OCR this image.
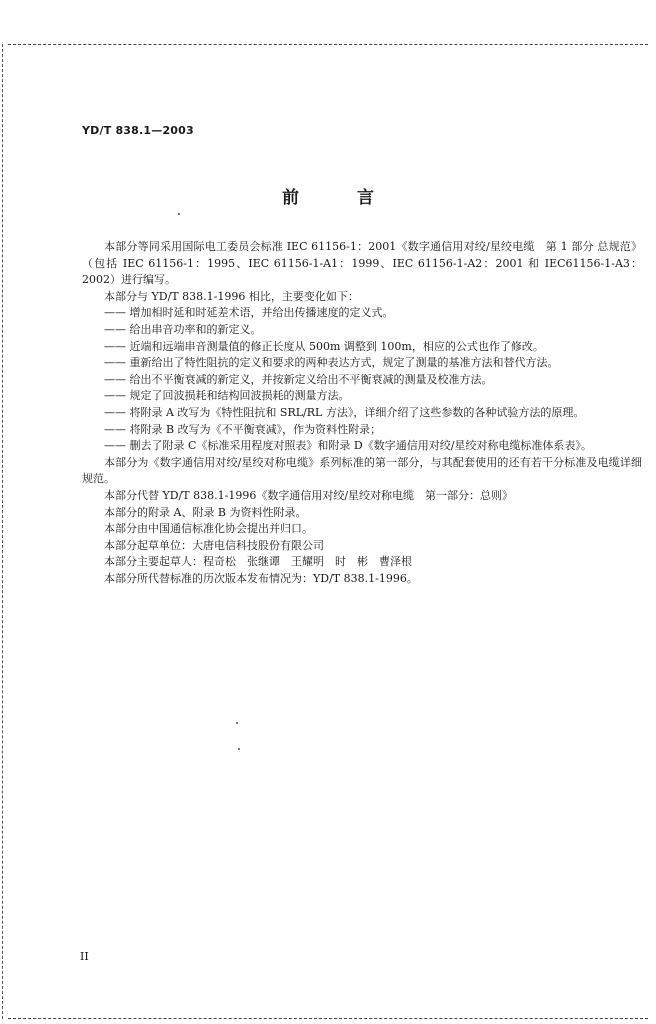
YD/T 838.1—2003
前言

本部分等同采用国际电工委员会标准 IEC 61156-1：2001《数字通信用对绞/星绞电缆　第 1 部分 总规范》（包括 IEC 61156-1：1995、IEC 61156-1-A1：1999、IEC 61156-1-A2：2001 和 IEC61156-1-A3：2002）进行编写。

本部分与 YD/T 838.1-1996 相比，主要变化如下：

—— 增加相时延和时延差术语，并给出传播速度的定义式。

—— 给出串音功率和的新定义。

—— 近端和远端串音测量值的修正长度从 500m 调整到 100m，相应的公式也作了修改。

—— 重新给出了特性阻抗的定义和要求的两种表达方式，规定了测量的基准方法和替代方法。

—— 给出不平衡衰减的新定义，并按新定义给出不平衡衰减的测量及校准方法。

—— 规定了回波损耗和结构回波损耗的测量方法。

—— 将附录 A 改写为《特性阻抗和 SRL/RL 方法》，详细介绍了这些参数的各种试验方法的原理。

—— 将附录 B 改写为《不平衡衰减》，作为资料性附录；

—— 删去了附录 C《标准采用程度对照表》和附录 D《数字通信用对绞/星绞对称电缆标准体系表》。

本部分为《数字通信用对绞/星绞对称电缆》系列标准的第一部分，与其配套使用的还有若干分标准及电缆详细规范。

本部分代替 YD/T 838.1-1996《数字通信用对绞/星绞对称电缆　第一部分：总则》

本部分的附录 A、附录 B 为资料性附录。

本部分由中国通信标准化协会提出并归口。

本部分起草单位：大唐电信科技股份有限公司

本部分主要起草人：程奇松　张继谭　王耀明　时　彬　曹泽根

本部分所代替标准的历次版本发布情况为：YD/T 838.1-1996。

II
